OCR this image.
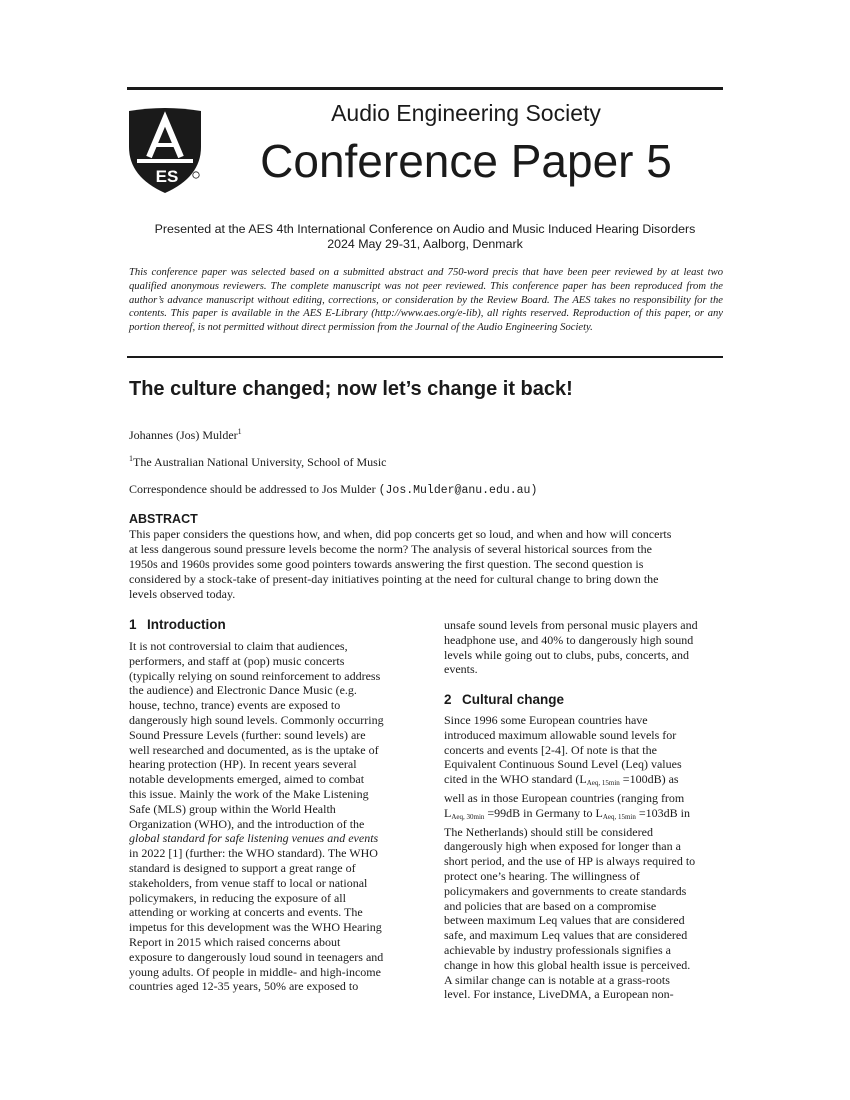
ES
Audio Engineering Society
Conference Paper 5
Presented at the AES 4th International Conference on Audio and Music Induced Hearing Disorders
2024 May 29-31, Aalborg, Denmark
This conference paper was selected based on a submitted abstract and 750-word precis that have been peer reviewed by at least two qualified anonymous reviewers. The complete manuscript was not peer reviewed. This conference paper has been reproduced from the author’s advance manuscript without editing, corrections, or consideration by the Review Board. The AES takes no responsibility for the contents. This paper is available in the AES E-Library (http://www.aes.org/e-lib), all rights reserved. Reproduction of this paper, or any portion thereof, is not permitted without direct permission from the Journal of the Audio Engineering Society.
The culture changed; now let’s change it back!
Johannes (Jos) Mulder$^1$
$^1$The Australian National University, School of Music
Correspondence should be addressed to Jos Mulder (Jos.Mulder@anu.edu.au)
ABSTRACT
This paper considers the questions how, and when, did pop concerts get so loud, and when and how will concerts
at less dangerous sound pressure levels become the norm? The analysis of several historical sources from the
1950s and 1960s provides some good pointers towards answering the first question. The second question is
considered by a stock-take of present-day initiatives pointing at the need for cultural change to bring down the
levels observed today.
1 Introduction
It is not controversial to claim that audiences,
performers, and staff at (pop) music concerts
(typically relying on sound reinforcement to address
the audience) and Electronic Dance Music (e.g.
house, techno, trance) events are exposed to
dangerously high sound levels. Commonly occurring
Sound Pressure Levels (further: sound levels) are
well researched and documented, as is the uptake of
hearing protection (HP). In recent years several
notable developments emerged, aimed to combat
this issue. Mainly the work of the Make Listening
Safe (MLS) group within the World Health
Organization (WHO), and the introduction of the
global standard for safe listening venues and events
in 2022 [1] (further: the WHO standard). The WHO
standard is designed to support a great range of
stakeholders, from venue staff to local or national
policymakers, in reducing the exposure of all
attending or working at concerts and events. The
impetus for this development was the WHO Hearing
Report in 2015 which raised concerns about
exposure to dangerously loud sound in teenagers and
young adults. Of people in middle- and high-income
countries aged 12-35 years, 50% are exposed to
unsafe sound levels from personal music players and
headphone use, and 40% to dangerously high sound
levels while going out to clubs, pubs, concerts, and
events.
2 Cultural change
Since 1996 some European countries have
introduced maximum allowable sound levels for
concerts and events [2-4]. Of note is that the
Equivalent Continuous Sound Level (Leq) values
cited in the WHO standard $(L_{Aeq, 15min} =100dB)$ as
well as in those European countries (ranging from
$L_{Aeq, 30min} =99dB$ in Germany to $L_{Aeq, 15min} =103dB$ in
The Netherlands) should still be considered
dangerously high when exposed for longer than a
short period, and the use of HP is always required to
protect one’s hearing. The willingness of
policymakers and governments to create standards
and policies that are based on a compromise
between maximum Leq values that are considered
safe, and maximum Leq values that are considered
achievable by industry professionals signifies a
change in how this global health issue is perceived.
A similar change can is notable at a grass-roots
level. For instance, LiveDMA, a European non-
